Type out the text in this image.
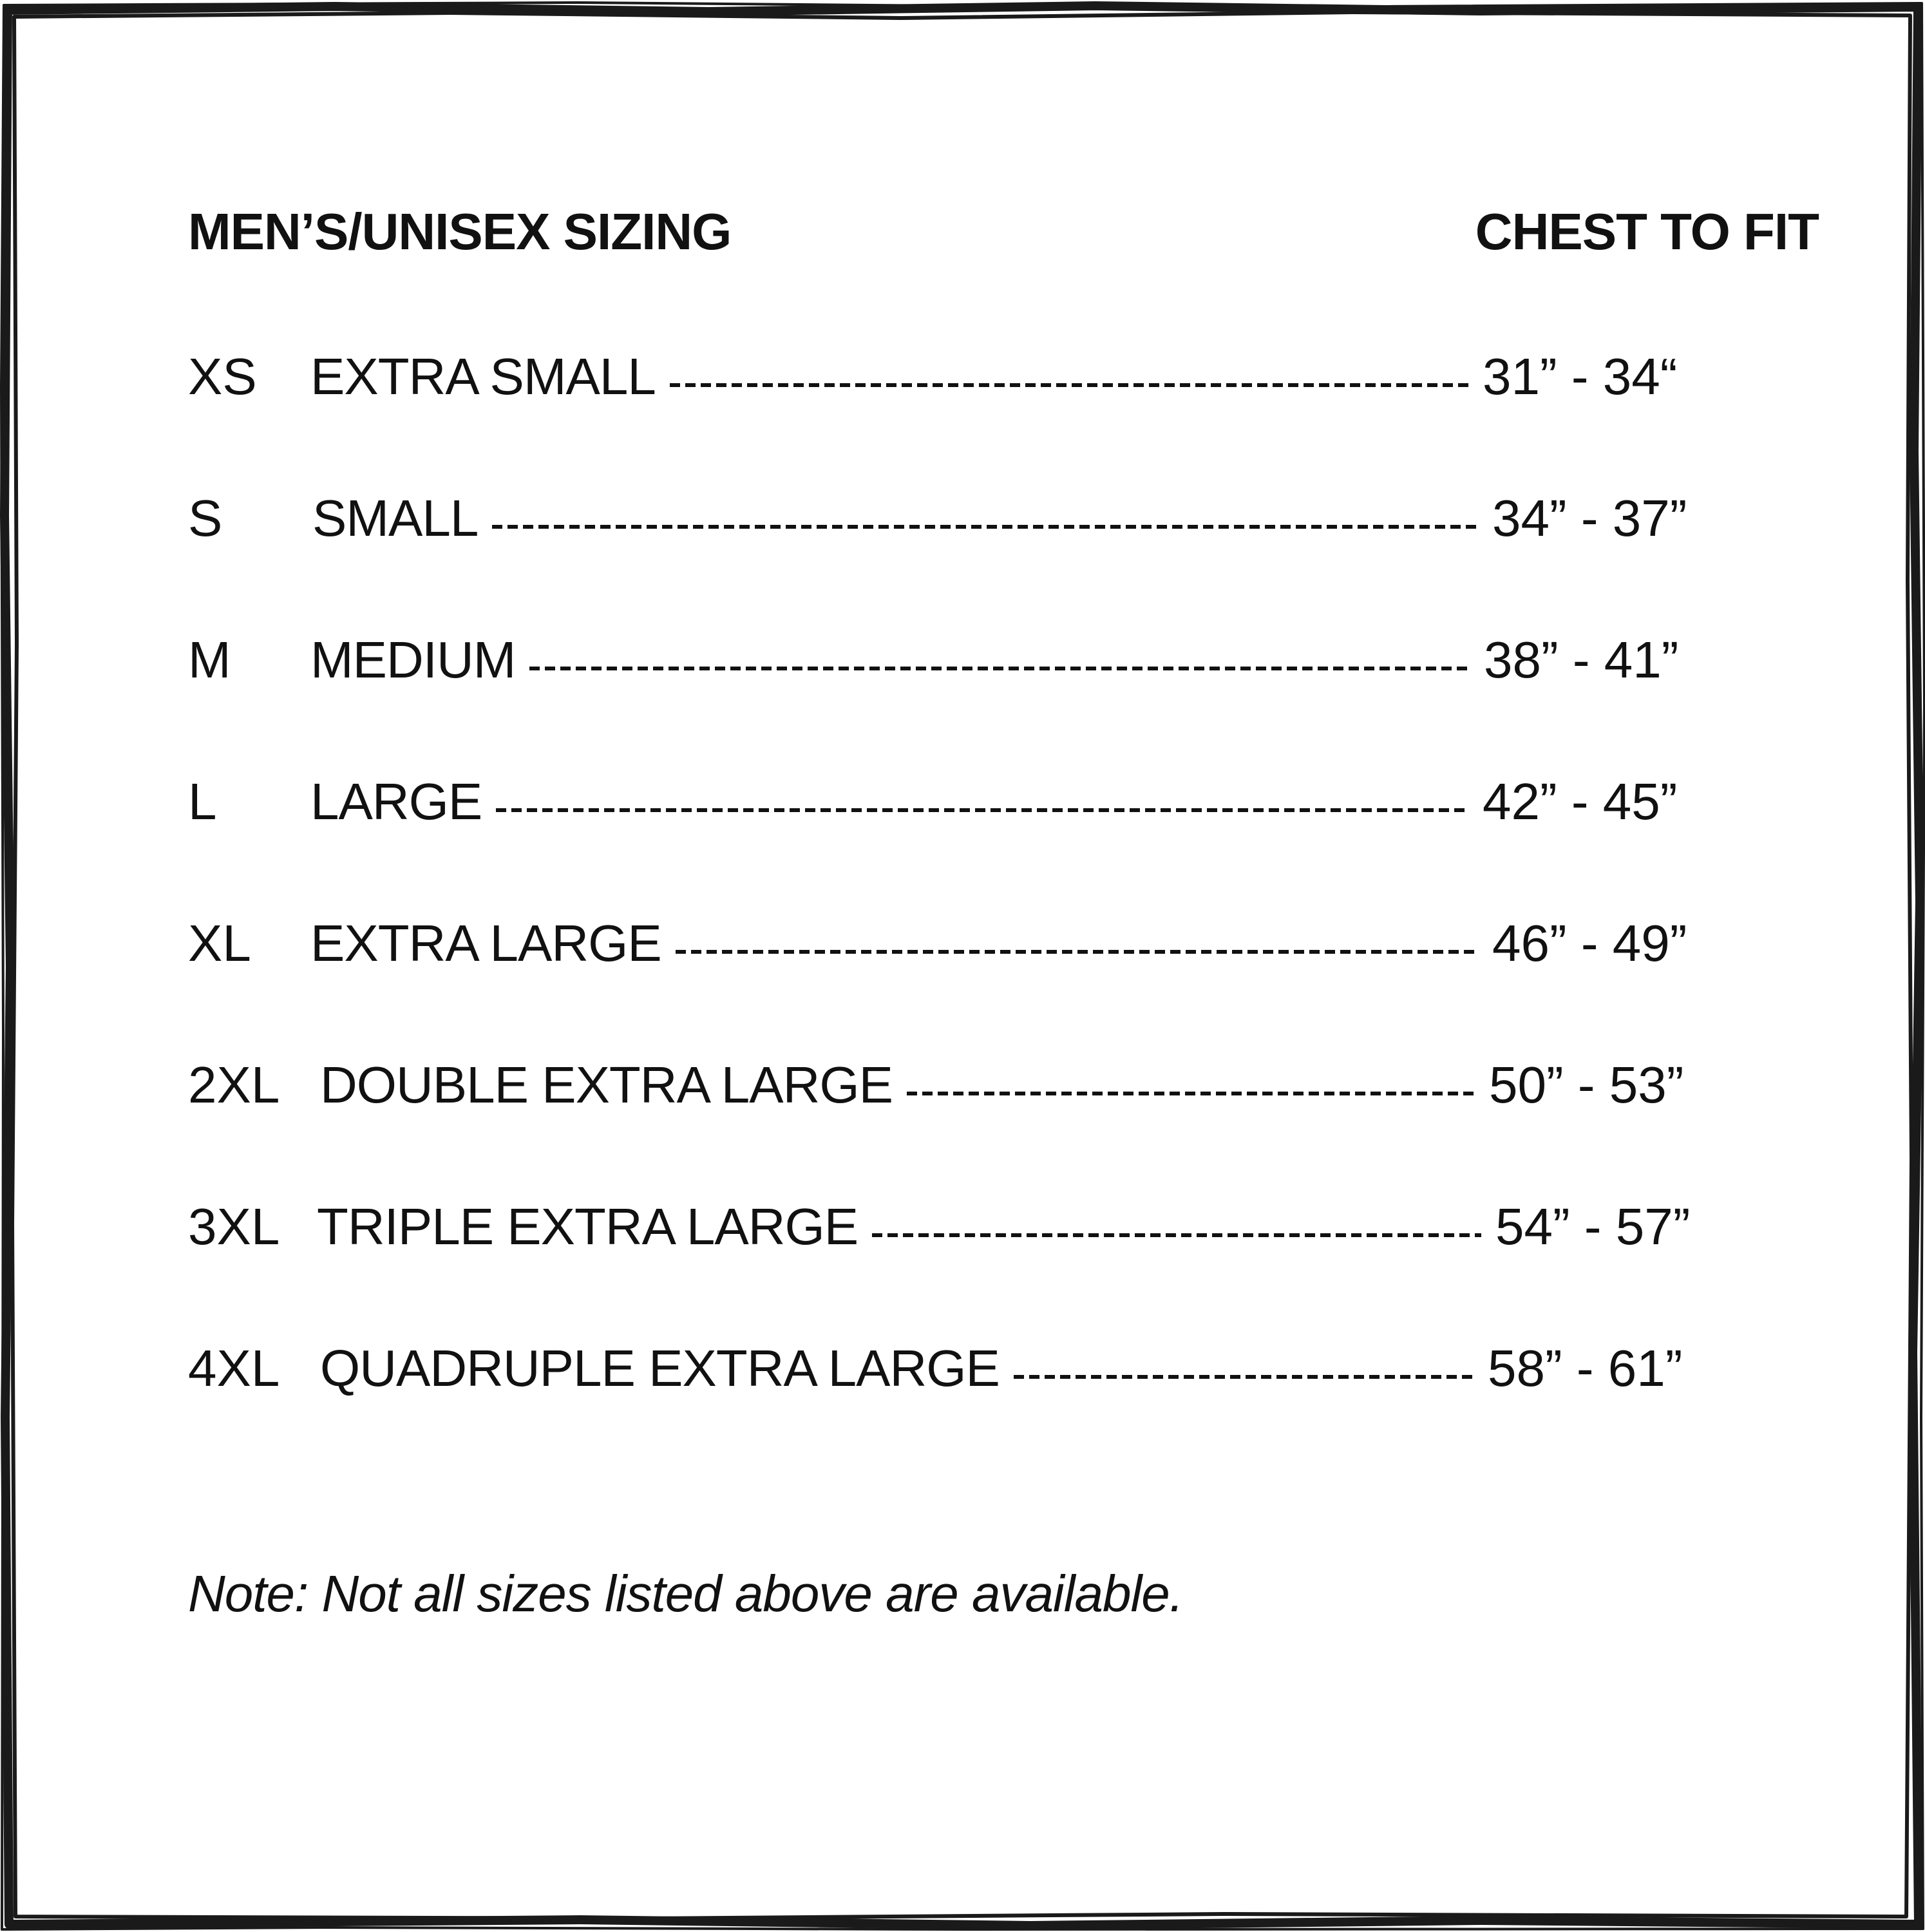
MEN’S/UNISEX SIZING	CHEST TO FIT
XS EXTRA SMALL	31” - 34“
S SMALL	34” - 37”
M MEDIUM	38” - 41”
L LARGE	42” - 45”
XL EXTRA LARGE	46” - 49”
2XL DOUBLE EXTRA LARGE	50” - 53”
3XL TRIPLE EXTRA LARGE	54” - 57”
4XL QUADRUPLE EXTRA LARGE	58” - 61”
Note: Not all sizes listed above are available.
